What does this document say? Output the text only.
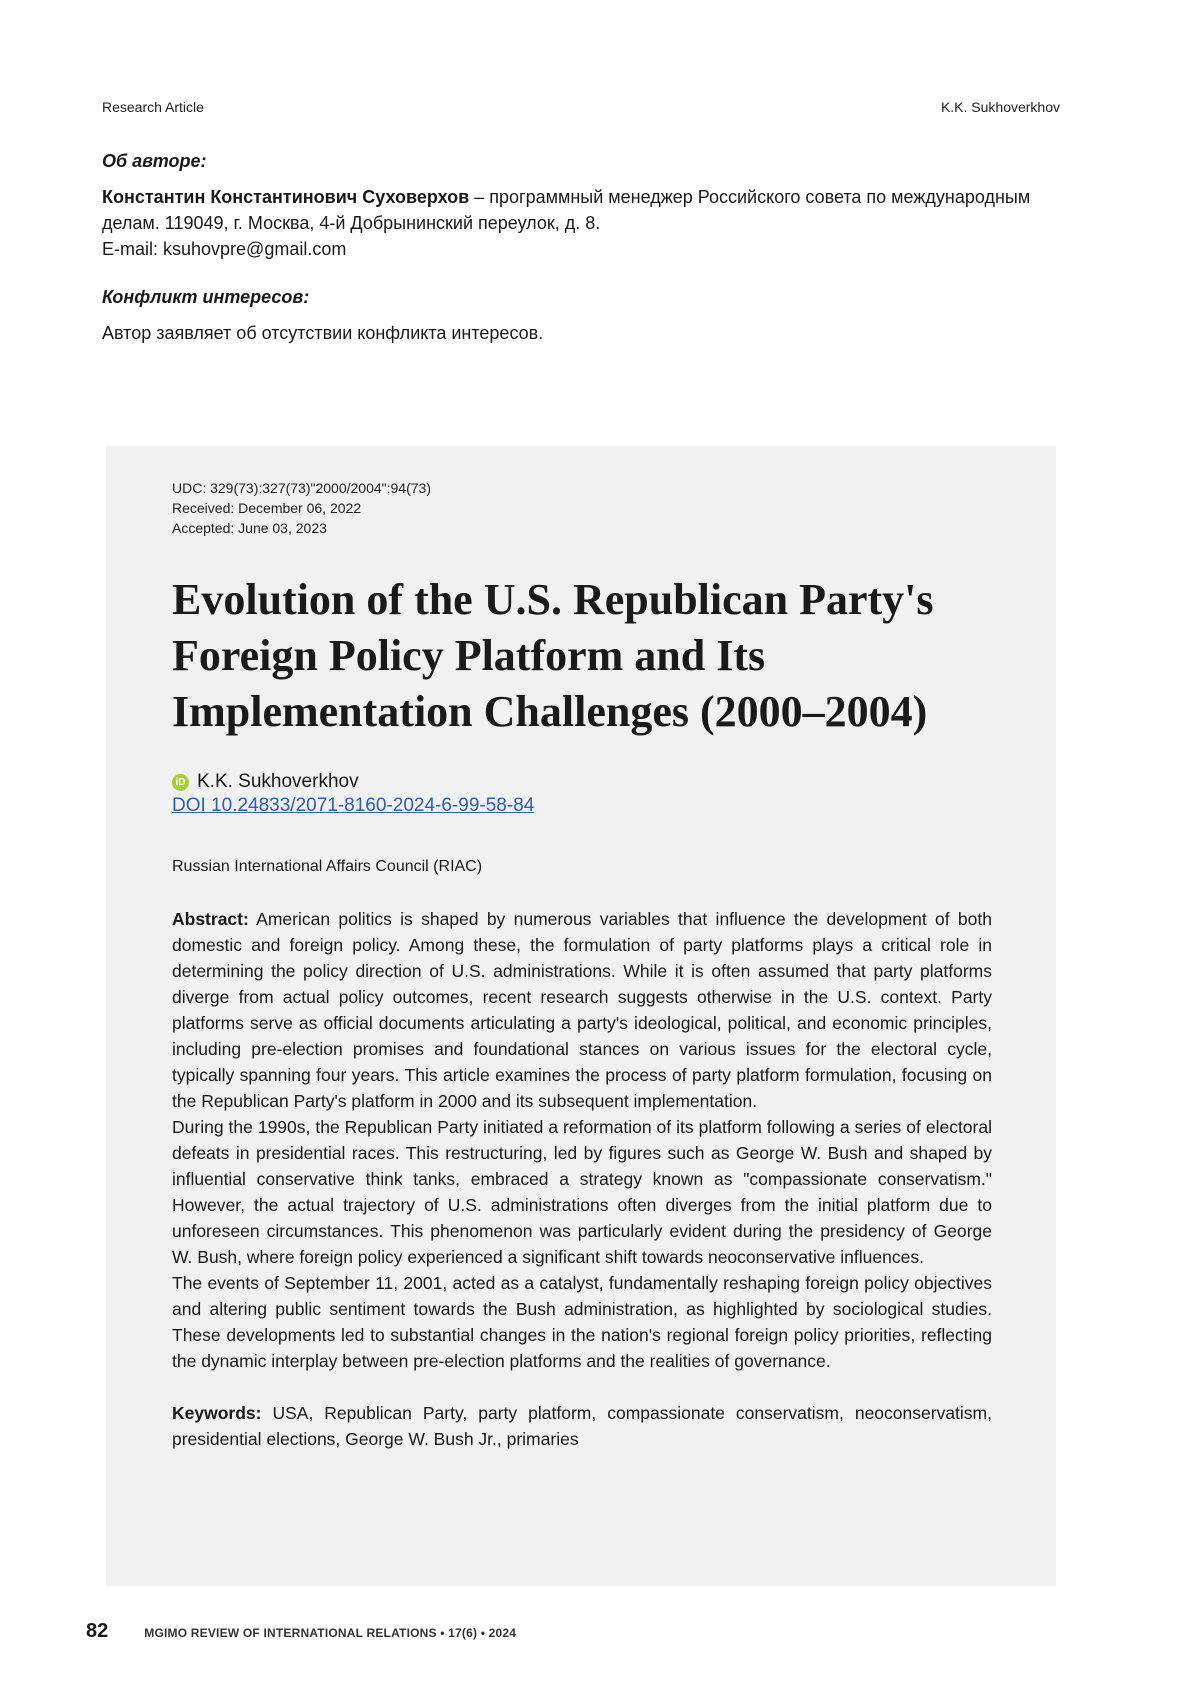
Research Article	K.K. Sukhoverkhov
Об авторе:

Константин Константинович Суховерхов – программный менеджер Российского совета по международным делам. 119049, г. Москва, 4-й Добрынинский переулок, д. 8.

E-mail: ksuhovpre@gmail.com

Конфликт интересов:

Автор заявляет об отсутствии конфликта интересов.

UDC: 329(73):327(73)"2000/2004":94(73)
Received: December 06, 2022
Accepted: June 03, 2023
Evolution of the U.S. Republican Party's Foreign Policy Platform and Its Implementation Challenges (2000–2004)
iD K.K. Sukhoverkhov
DOI 10.24833/2071-8160-2024-6-99-58-84
Russian International Affairs Council (RIAC)

Abstract: American politics is shaped by numerous variables that influence the development of both domestic and foreign policy. Among these, the formulation of party platforms plays a critical role in determining the policy direction of U.S. administrations. While it is often assumed that party platforms diverge from actual policy outcomes, recent research suggests otherwise in the U.S. context. Party platforms serve as official documents articulating a party's ideological, political, and economic principles, including pre-election promises and foundational stances on various issues for the electoral cycle, typically spanning four years. This article examines the process of party platform formulation, focusing on the Republican Party's platform in 2000 and its subsequent implementation.

During the 1990s, the Republican Party initiated a reformation of its platform following a series of electoral defeats in presidential races. This restructuring, led by figures such as George W. Bush and shaped by influential conservative think tanks, embraced a strategy known as "compassionate conservatism." However, the actual trajectory of U.S. administrations often diverges from the initial platform due to unforeseen circumstances. This phenomenon was particularly evident during the presidency of George W. Bush, where foreign policy experienced a significant shift towards neoconservative influences.

The events of September 11, 2001, acted as a catalyst, fundamentally reshaping foreign policy objectives and altering public sentiment towards the Bush administration, as highlighted by sociological studies. These developments led to substantial changes in the nation's regional foreign policy priorities, reflecting the dynamic interplay between pre-election platforms and the realities of governance.

Keywords: USA, Republican Party, party platform, compassionate conservatism, neoconservatism, presidential elections, George W. Bush Jr., primaries
82	MGIMO REVIEW OF INTERNATIONAL RELATIONS • 17(6) • 2024
